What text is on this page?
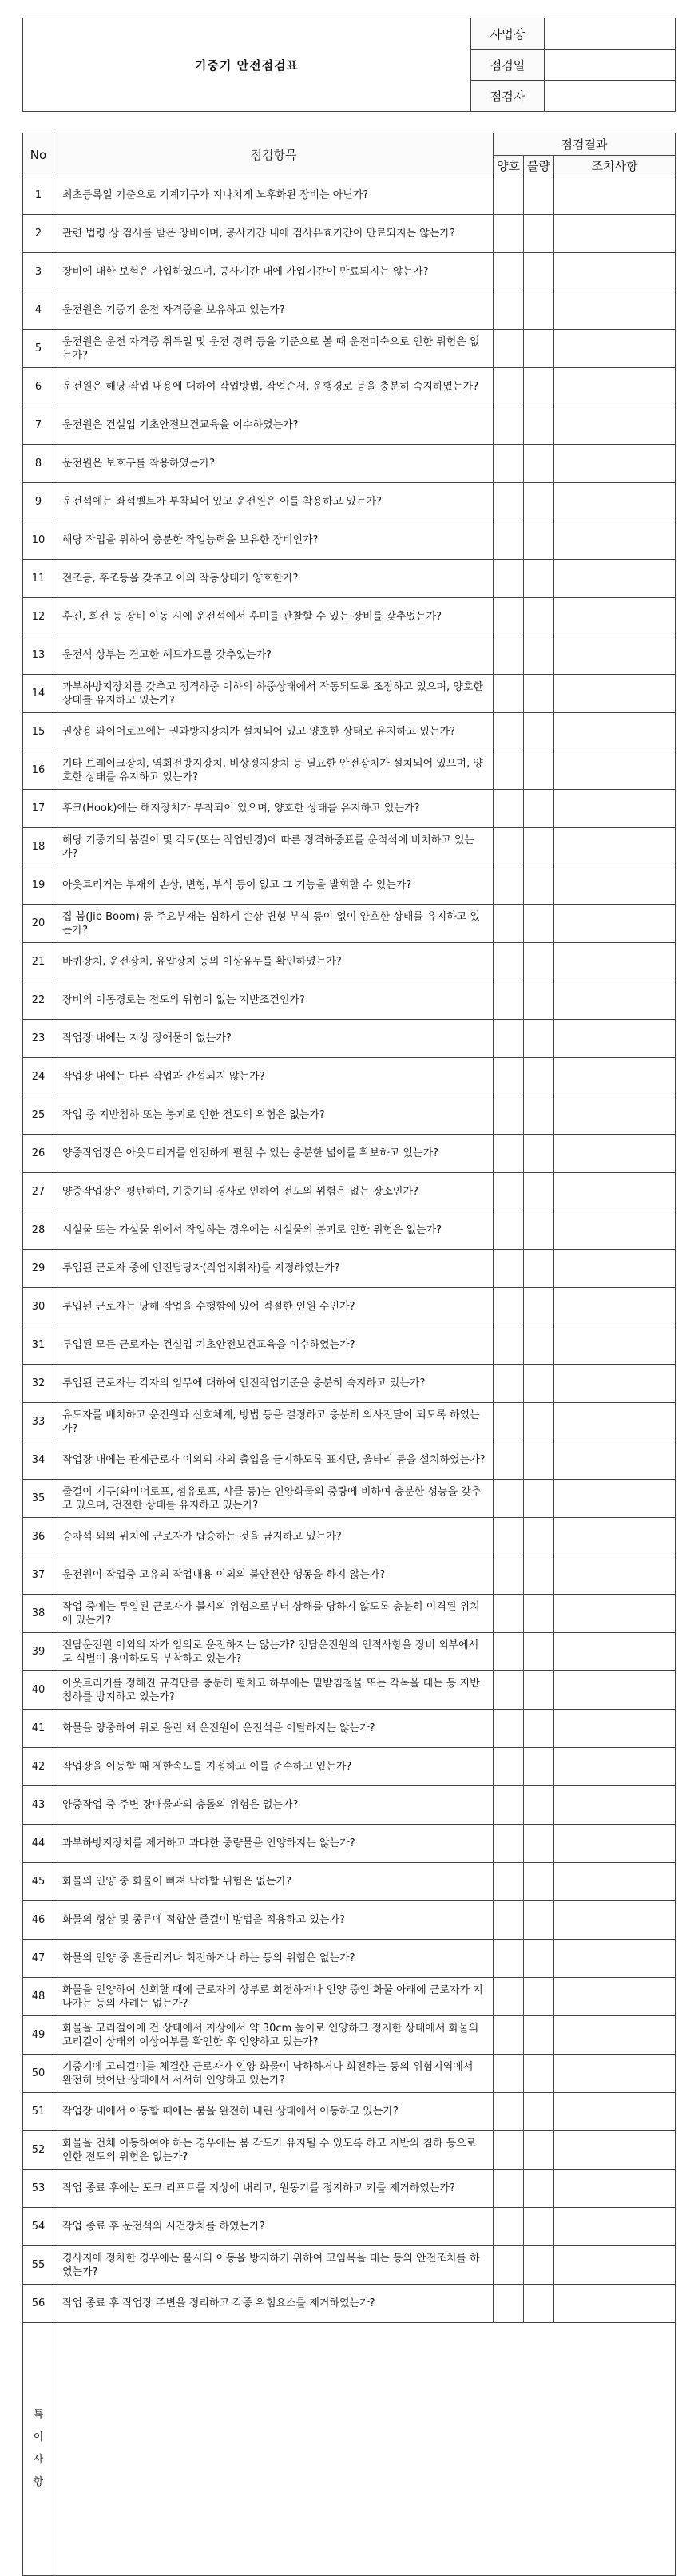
기중기 안전점검표	사업장	
	점검일	
	점검자	
No	점검항목	점검결과		
		양호	불량	조치사항
1	최초등록일 기준으로 기계기구가 지나치게 노후화된 장비는 아닌가?			
2	관련 법령 상 검사를 받은 장비이며, 공사기간 내에 검사유효기간이 만료되지는 않는가?			
3	장비에 대한 보험은 가입하였으며, 공사기간 내에 가입기간이 만료되지는 않는가?			
4	운전원은 기중기 운전 자격증을 보유하고 있는가?			
5	운전원은 운전 자격증 취득일 및 운전 경력 등을 기준으로 볼 때 운전미숙으로 인한 위험은 없는가?			
6	운전원은 해당 작업 내용에 대하여 작업방법, 작업순서, 운행경로 등을 충분히 숙지하였는가?			
7	운전원은 건설업 기초안전보건교육을 이수하였는가?			
8	운전원은 보호구를 착용하였는가?			
9	운전석에는 좌석벨트가 부착되어 있고 운전원은 이를 착용하고 있는가?			
10	해당 작업을 위하여 충분한 작업능력을 보유한 장비인가?			
11	전조등, 후조등을 갖추고 이의 작동상태가 양호한가?			
12	후진, 회전 등 장비 이동 시에 운전석에서 후미를 관찰할 수 있는 장비를 갖추었는가?			
13	운전석 상부는 견고한 헤드가드를 갖추었는가?			
14	과부하방지장치를 갖추고 정격하중 이하의 하중상태에서 작동되도록 조정하고 있으며, 양호한 상태를 유지하고 있는가?			
15	권상용 와이어로프에는 권과방지장치가 설치되어 있고 양호한 상태로 유지하고 있는가?			
16	기타 브레이크장치, 역회전방지장치, 비상정지장치 등 필요한 안전장치가 설치되어 있으며, 양호한 상태를 유지하고 있는가?			
17	후크(Hook)에는 해지장치가 부착되어 있으며, 양호한 상태를 유지하고 있는가?			
18	해당 기중기의 붐길이 및 각도(또는 작업반경)에 따른 정격하중표를 운적석에 비치하고 있는가?			
19	아웃트리거는 부재의 손상, 변형, 부식 등이 없고 그 기능을 발휘할 수 있는가?			
20	집 붐(Jib Boom) 등 주요부재는 심하게 손상 변형 부식 등이 없이 양호한 상태를 유지하고 있는가?			
21	바퀴장치, 운전장치, 유압장치 등의 이상유무를 확인하였는가?			
22	장비의 이동경로는 전도의 위험이 없는 지반조건인가?			
23	작업장 내에는 지상 장애물이 없는가?			
24	작업장 내에는 다른 작업과 간섭되지 않는가?			
25	작업 중 지반침하 또는 붕괴로 인한 전도의 위험은 없는가?			
26	양중작업장은 아웃트리거를 안전하게 펼칠 수 있는 충분한 넓이를 확보하고 있는가?			
27	양중작업장은 평탄하며, 기중기의 경사로 인하여 전도의 위험은 없는 장소인가?			
28	시설물 또는 가설물 위에서 작업하는 경우에는 시설물의 붕괴로 인한 위험은 없는가?			
29	투입된 근로자 중에 안전담당자(작업지휘자)를 지정하였는가?			
30	투입된 근로자는 당해 작업을 수행함에 있어 적절한 인원 수인가?			
31	투입된 모든 근로자는 건설업 기초안전보건교육을 이수하였는가?			
32	투입된 근로자는 각자의 임무에 대하여 안전작업기준을 충분히 숙지하고 있는가?			
33	유도자를 배치하고 운전원과 신호체계, 방법 등을 결정하고 충분히 의사전달이 되도록 하였는가?			
34	작업장 내에는 관계근로자 이외의 자의 출입을 금지하도록 표지판, 울타리 등을 설치하였는가?			
35	줄걸이 기구(와이어로프, 섬유로프, 샤클 등)는 인양화물의 중량에 비하여 충분한 성능을 갖추고 있으며, 건전한 상태를 유지하고 있는가?			
36	승차석 외의 위치에 근로자가 탑승하는 것을 금지하고 있는가?			
37	운전원이 작업중 고유의 작업내용 이외의 불안전한 행동을 하지 않는가?			
38	작업 중에는 투입된 근로자가 불시의 위험으로부터 상해를 당하지 않도록 충분히 이격된 위치에 있는가?			
39	전담운전원 이외의 자가 임의로 운전하지는 않는가? 전담운전원의 인적사항을 장비 외부에서도 식별이 용이하도록 부착하고 있는가?			
40	아웃트리거를 정해진 규격만큼 충분히 펼치고 하부에는 밑받침철물 또는 각목을 대는 등 지반 침하를 방지하고 있는가?			
41	화물을 양중하여 위로 올린 채 운전원이 운전석을 이탈하지는 않는가?			
42	작업장을 이동할 때 제한속도를 지정하고 이를 준수하고 있는가?			
43	양중작업 중 주변 장애물과의 충돌의 위험은 없는가?			
44	과부하방지장치를 제거하고 과다한 중량물을 인양하지는 않는가?			
45	화물의 인양 중 화물이 빠져 낙하할 위험은 없는가?			
46	화물의 형상 및 종류에 적합한 줄걸이 방법을 적용하고 있는가?			
47	화물의 인양 중 흔들리거나 회전하거나 하는 등의 위험은 없는가?			
48	화물을 인양하여 선회할 때에 근로자의 상부로 회전하거나 인양 중인 화물 아래에 근로자가 지나가는 등의 사례는 없는가?			
49	화물을 고리걸이에 건 상태에서 지상에서 약 30cm 높이로 인양하고 정지한 상태에서 화물의 고리걸이 상태의 이상여부를 확인한 후 인양하고 있는가?			
50	기중기에 고리걸이를 체결한 근로자가 인양 화물이 낙하하거나 회전하는 등의 위험지역에서 완전히 벗어난 상태에서 서서히 인양하고 있는가?			
51	작업장 내에서 이동할 때에는 붐을 완전히 내린 상태에서 이동하고 있는가?			
52	화물을 건채 이동하여야 하는 경우에는 붐 각도가 유지될 수 있도록 하고 지반의 침하 등으로 인한 전도의 위험은 없는가?			
53	작업 종료 후에는 포크 리프트를 지상에 내리고, 원동기를 정지하고 키를 제거하였는가?			
54	작업 종료 후 운전석의 시건장치를 하였는가?			
55	경사지에 정차한 경우에는 불시의 이동을 방지하기 위하여 고임목을 대는 등의 안전조치를 하였는가?			
56	작업 종료 후 작업장 주변을 정리하고 각종 위험요소를 제거하였는가?			
특
이
사
항				
